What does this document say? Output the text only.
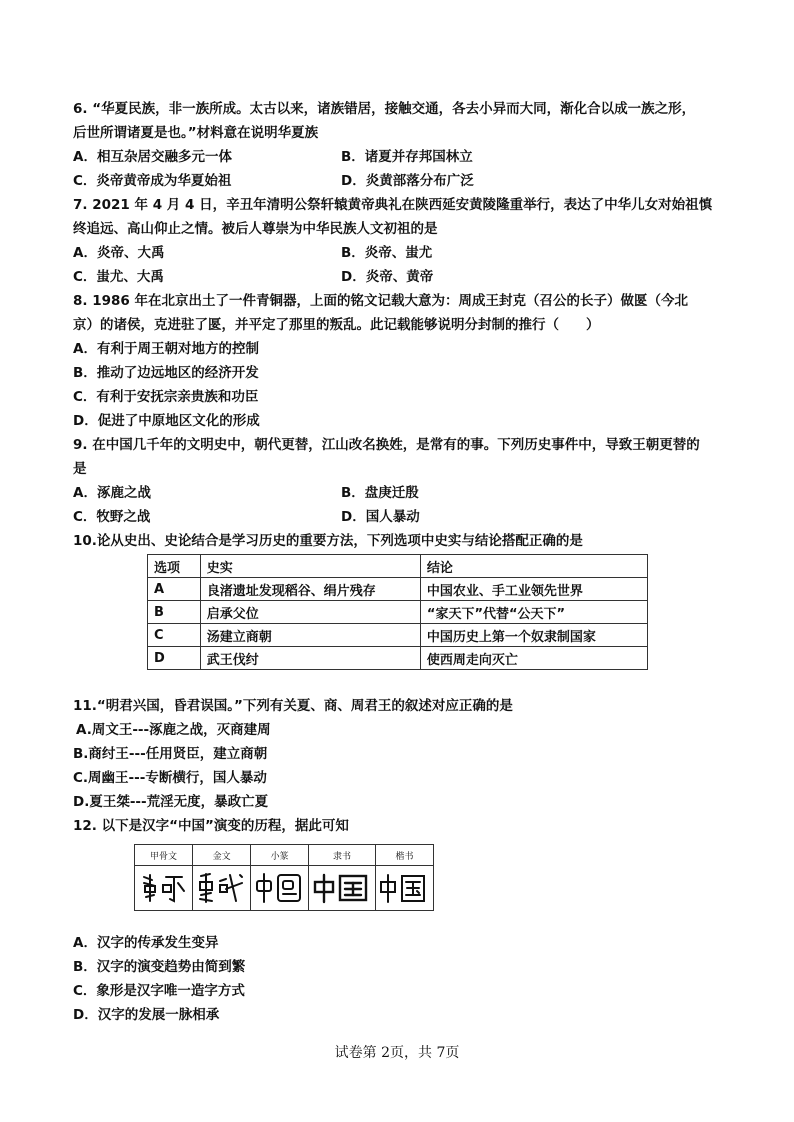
6. “华夏民族，非一族所成。太古以来，诸族错居，接触交通，各去小异而大同，渐化合以成一族之形，
后世所谓诸夏是也。”材料意在说明华夏族
A．相互杂居交融多元一体	B．诸夏并存邦国林立
C．炎帝黄帝成为华夏始祖	D．炎黄部落分布广泛
7. 2021 年 4 月 4 日，辛丑年清明公祭轩辕黄帝典礼在陕西延安黄陵隆重举行，表达了中华儿女对始祖慎
终追远、高山仰止之情。被后人尊崇为中华民族人文初祖的是
A．炎帝、大禹	B．炎帝、蚩尤
C．蚩尤、大禹	D．炎帝、黄帝
8. 1986 年在北京出土了一件青铜器，上面的铭文记载大意为：周成王封克（召公的长子）做匽（今北
京）的诸侯，克进驻了匽，并平定了那里的叛乱。此记载能够说明分封制的推行（　　）
A．有利于周王朝对地方的控制
B．推动了边远地区的经济开发
C．有利于安抚宗亲贵族和功臣
D．促进了中原地区文化的形成
9. 在中国几千年的文明史中，朝代更替，江山改名换姓，是常有的事。下列历史事件中，导致王朝更替的
是
A．涿鹿之战	B．盘庚迁殷
C．牧野之战	D．国人暴动
10.论从史出、史论结合是学习历史的重要方法，下列选项中史实与结论搭配正确的是
选项	史实	结论
A	良渚遗址发现稻谷、绢片残存	中国农业、手工业领先世界
B	启承父位	“家天下”代替“公天下”
C	汤建立商朝	中国历史上第一个奴隶制国家
D	武王伐纣	使西周走向灭亡
11.“明君兴国，昏君误国。”下列有关夏、商、周君王的叙述对应正确的是
A.周文王---涿鹿之战，灭商建周
B.商纣王---任用贤臣，建立商朝
C.周幽王---专断横行，国人暴动
D.夏王桀---荒淫无度，暴政亡夏
12. 以下是汉字“中国”演变的历程，据此可知
甲骨文	金文	小篆	隶书	楷书

A．汉字的传承发生变异
B．汉字的演变趋势由简到繁
C．象形是汉字唯一造字方式
D．汉字的发展一脉相承
试卷第 2页，共 7页
